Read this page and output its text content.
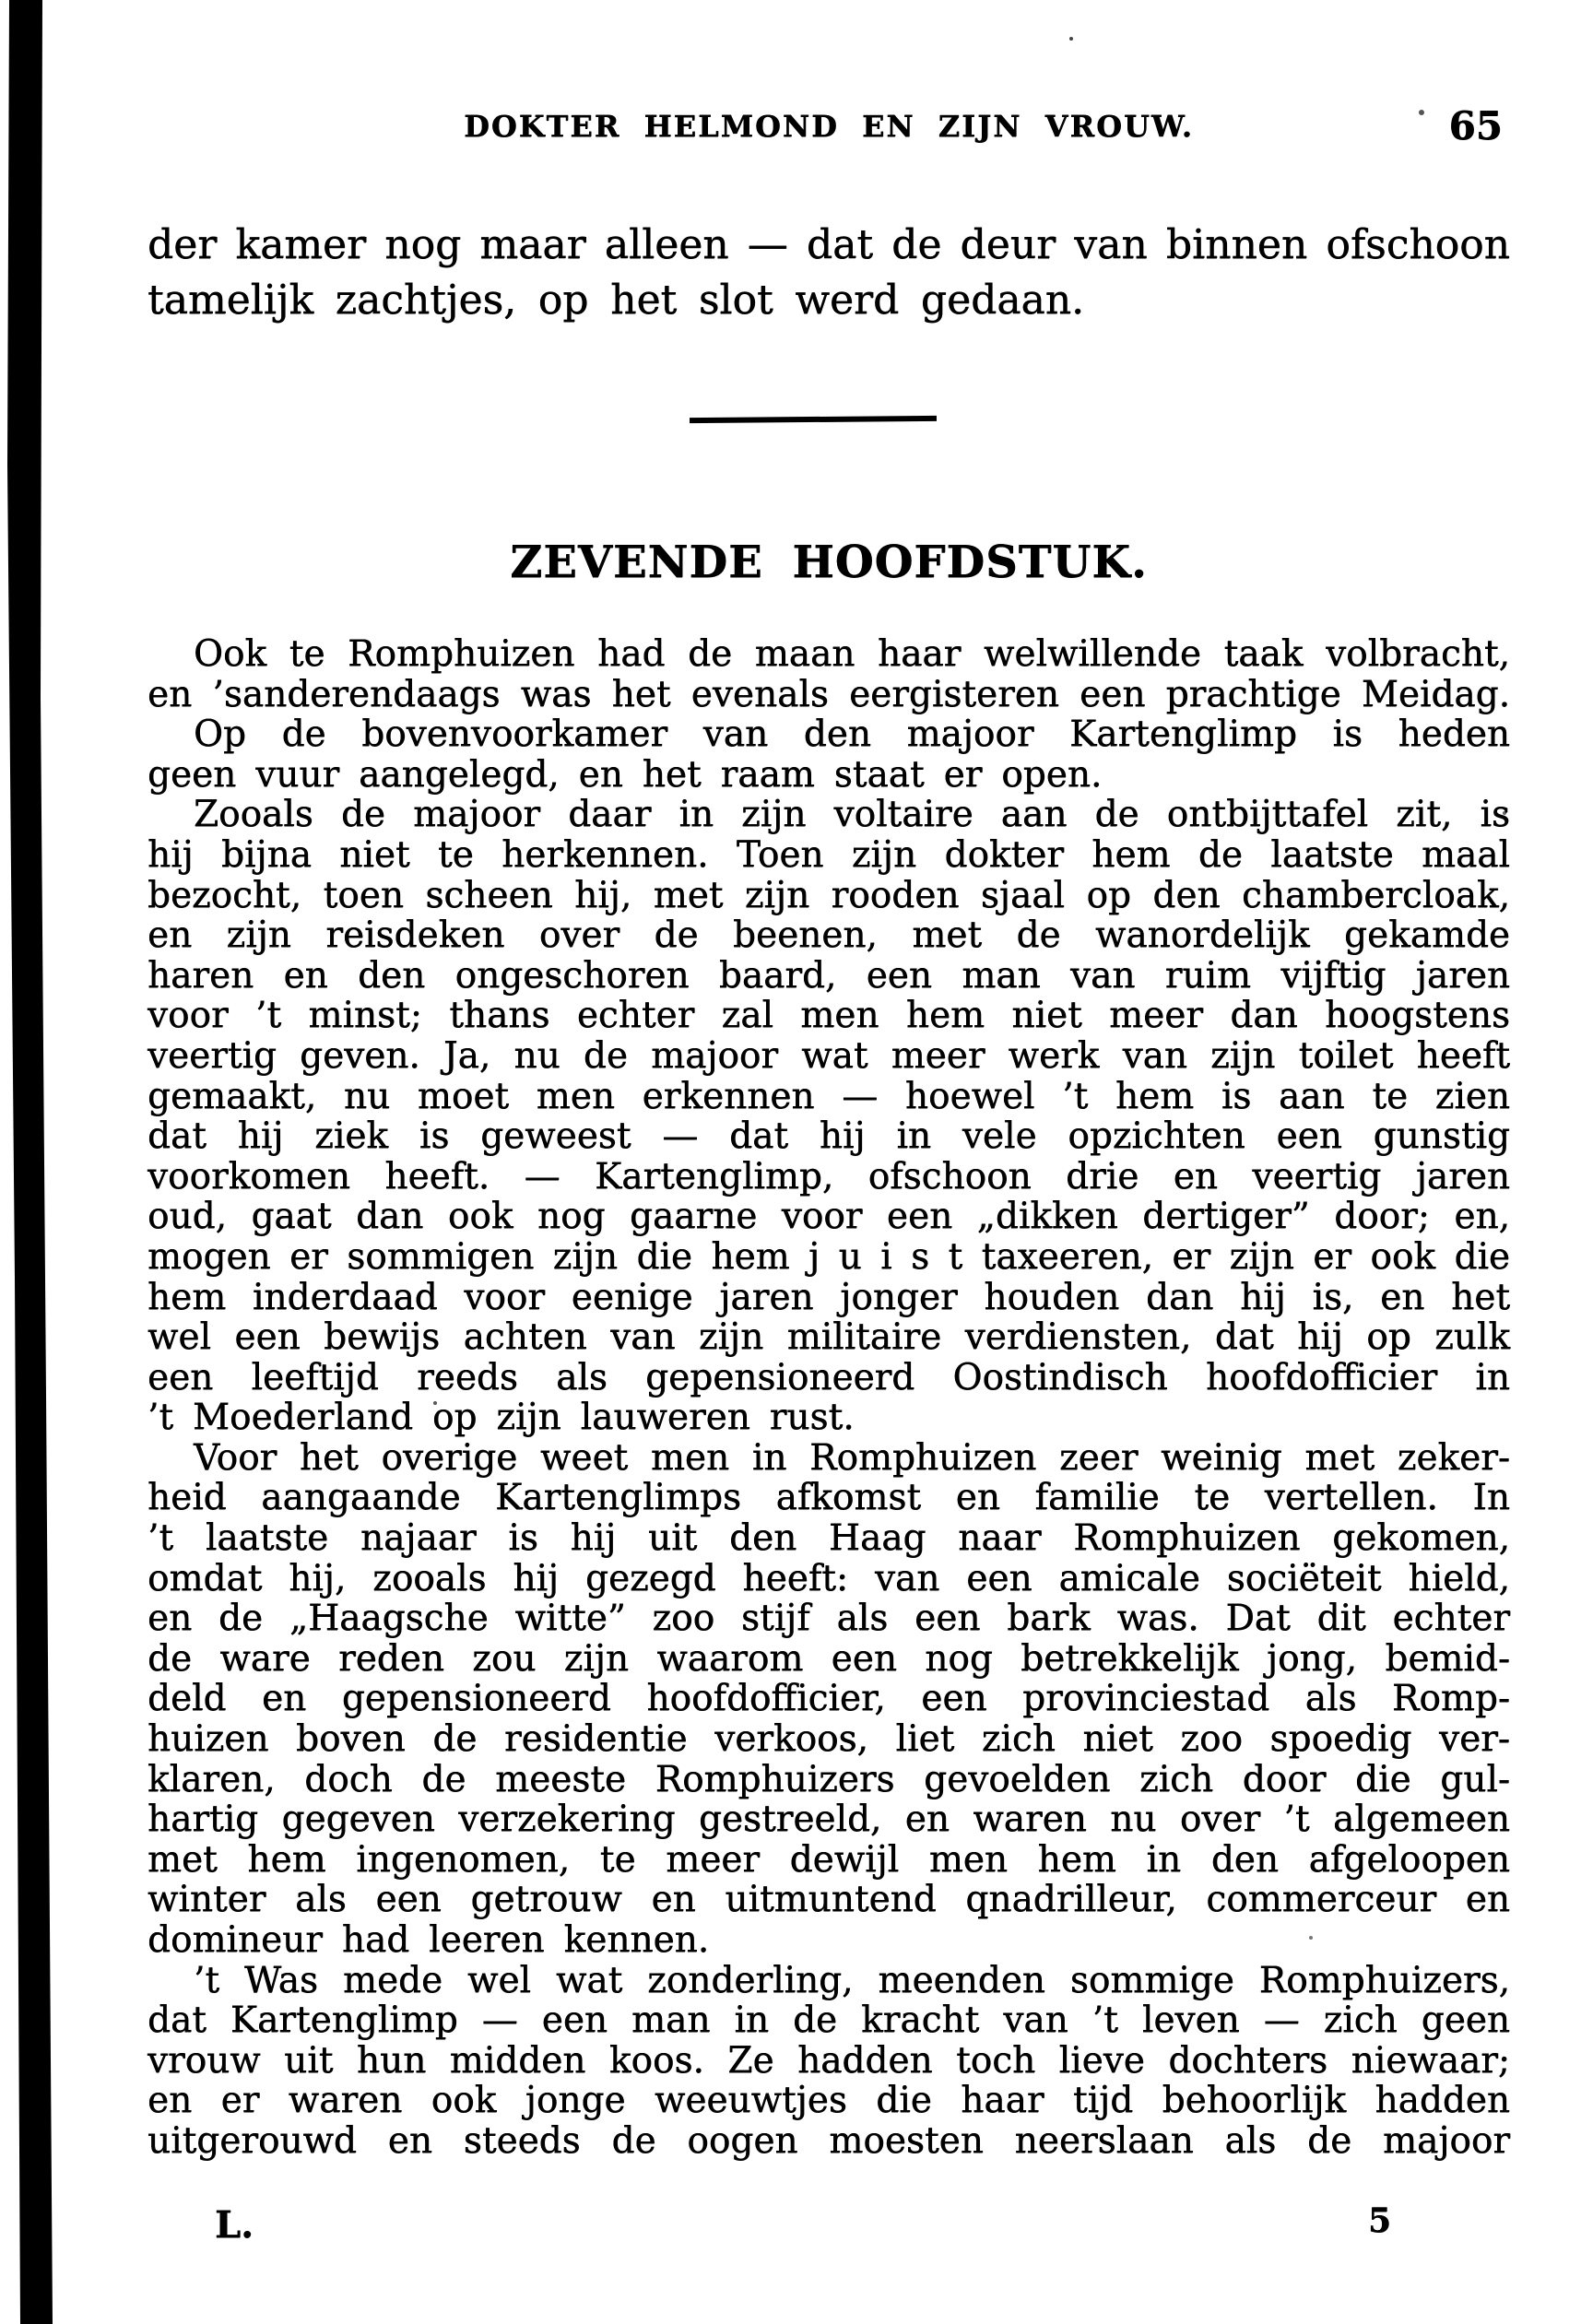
DOKTER HELMOND EN ZIJN VROUW.	65
der kamer nog maar alleen — dat de deur van binnen ofschoon
tamelijk zachtjes, op het slot werd gedaan.
ZEVENDE HOOFDSTUK.
Ook te Romphuizen had de maan haar welwillende taak volbracht,
en ’sanderendaags was het evenals eergisteren een prachtige Meidag.
Op de bovenvoorkamer van den majoor Kartenglimp is heden
geen vuur aangelegd, en het raam staat er open.
Zooals de majoor daar in zijn voltaire aan de ontbijttafel zit, is
hij bijna niet te herkennen. Toen zijn dokter hem de laatste maal
bezocht, toen scheen hij, met zijn rooden sjaal op den chambercloak,
en zijn reisdeken over de beenen, met de wanordelijk gekamde
haren en den ongeschoren baard, een man van ruim vijftig jaren
voor ’t minst; thans echter zal men hem niet meer dan hoogstens
veertig geven. Ja, nu de majoor wat meer werk van zijn toilet heeft
gemaakt, nu moet men erkennen — hoewel ’t hem is aan te zien
dat hij ziek is geweest — dat hij in vele opzichten een gunstig
voorkomen heeft. — Kartenglimp, ofschoon drie en veertig jaren
oud, gaat dan ook nog gaarne voor een „dikken dertiger” door; en,
mogen er sommigen zijn die hem j u i s t taxeeren, er zijn er ook die
hem inderdaad voor eenige jaren jonger houden dan hij is, en het
wel een bewijs achten van zijn militaire verdiensten, dat hij op zulk
een leeftijd reeds als gepensioneerd Oostindisch hoofdofficier in
’t Moederland op zijn lauweren rust.
Voor het overige weet men in Romphuizen zeer weinig met zeker-
heid aangaande Kartenglimps afkomst en familie te vertellen. In
’t laatste najaar is hij uit den Haag naar Romphuizen gekomen,
omdat hij, zooals hij gezegd heeft: van een amicale sociëteit hield,
en de „Haagsche witte” zoo stijf als een bark was. Dat dit echter
de ware reden zou zijn waarom een nog betrekkelijk jong, bemid-
deld en gepensioneerd hoofdofficier, een provinciestad als Romp-
huizen boven de residentie verkoos, liet zich niet zoo spoedig ver-
klaren, doch de meeste Romphuizers gevoelden zich door die gul-
hartig gegeven verzekering gestreeld, en waren nu over ’t algemeen
met hem ingenomen, te meer dewijl men hem in den afgeloopen
winter als een getrouw en uitmuntend qnadrilleur, commerceur en
domineur had leeren kennen.
’t Was mede wel wat zonderling, meenden sommige Romphuizers,
dat Kartenglimp — een man in de kracht van ’t leven — zich geen
vrouw uit hun midden koos. Ze hadden toch lieve dochters niewaar;
en er waren ook jonge weeuwtjes die haar tijd behoorlijk hadden
uitgerouwd en steeds de oogen moesten neerslaan als de majoor
L.	5
